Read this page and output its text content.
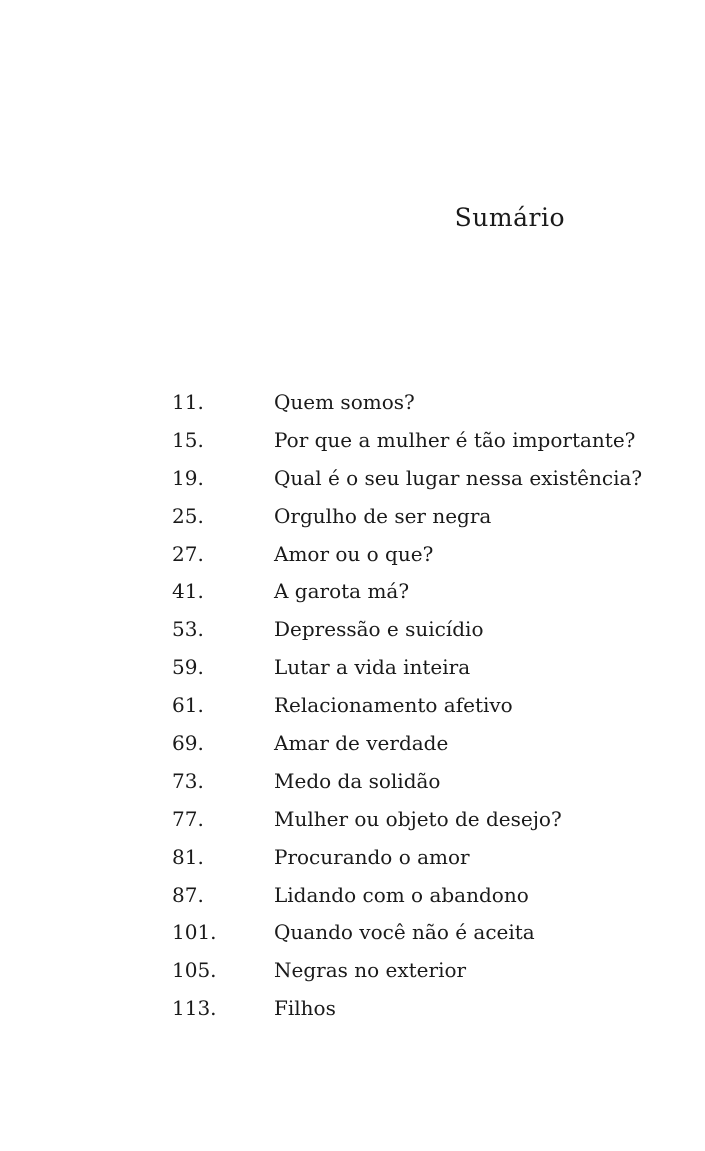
Sumário
11.	Quem somos?
15.	Por que a mulher é tão importante?
19.	Qual é o seu lugar nessa existência?
25.	Orgulho de ser negra
27.	Amor ou o que?
41.	A garota má?
53.	Depressão e suicídio
59.	Lutar a vida inteira
61.	Relacionamento afetivo
69.	Amar de verdade
73.	Medo da solidão
77.	Mulher ou objeto de desejo?
81.	Procurando o amor
87.	Lidando com o abandono
101.	Quando você não é aceita
105.	Negras no exterior
113.	Filhos
